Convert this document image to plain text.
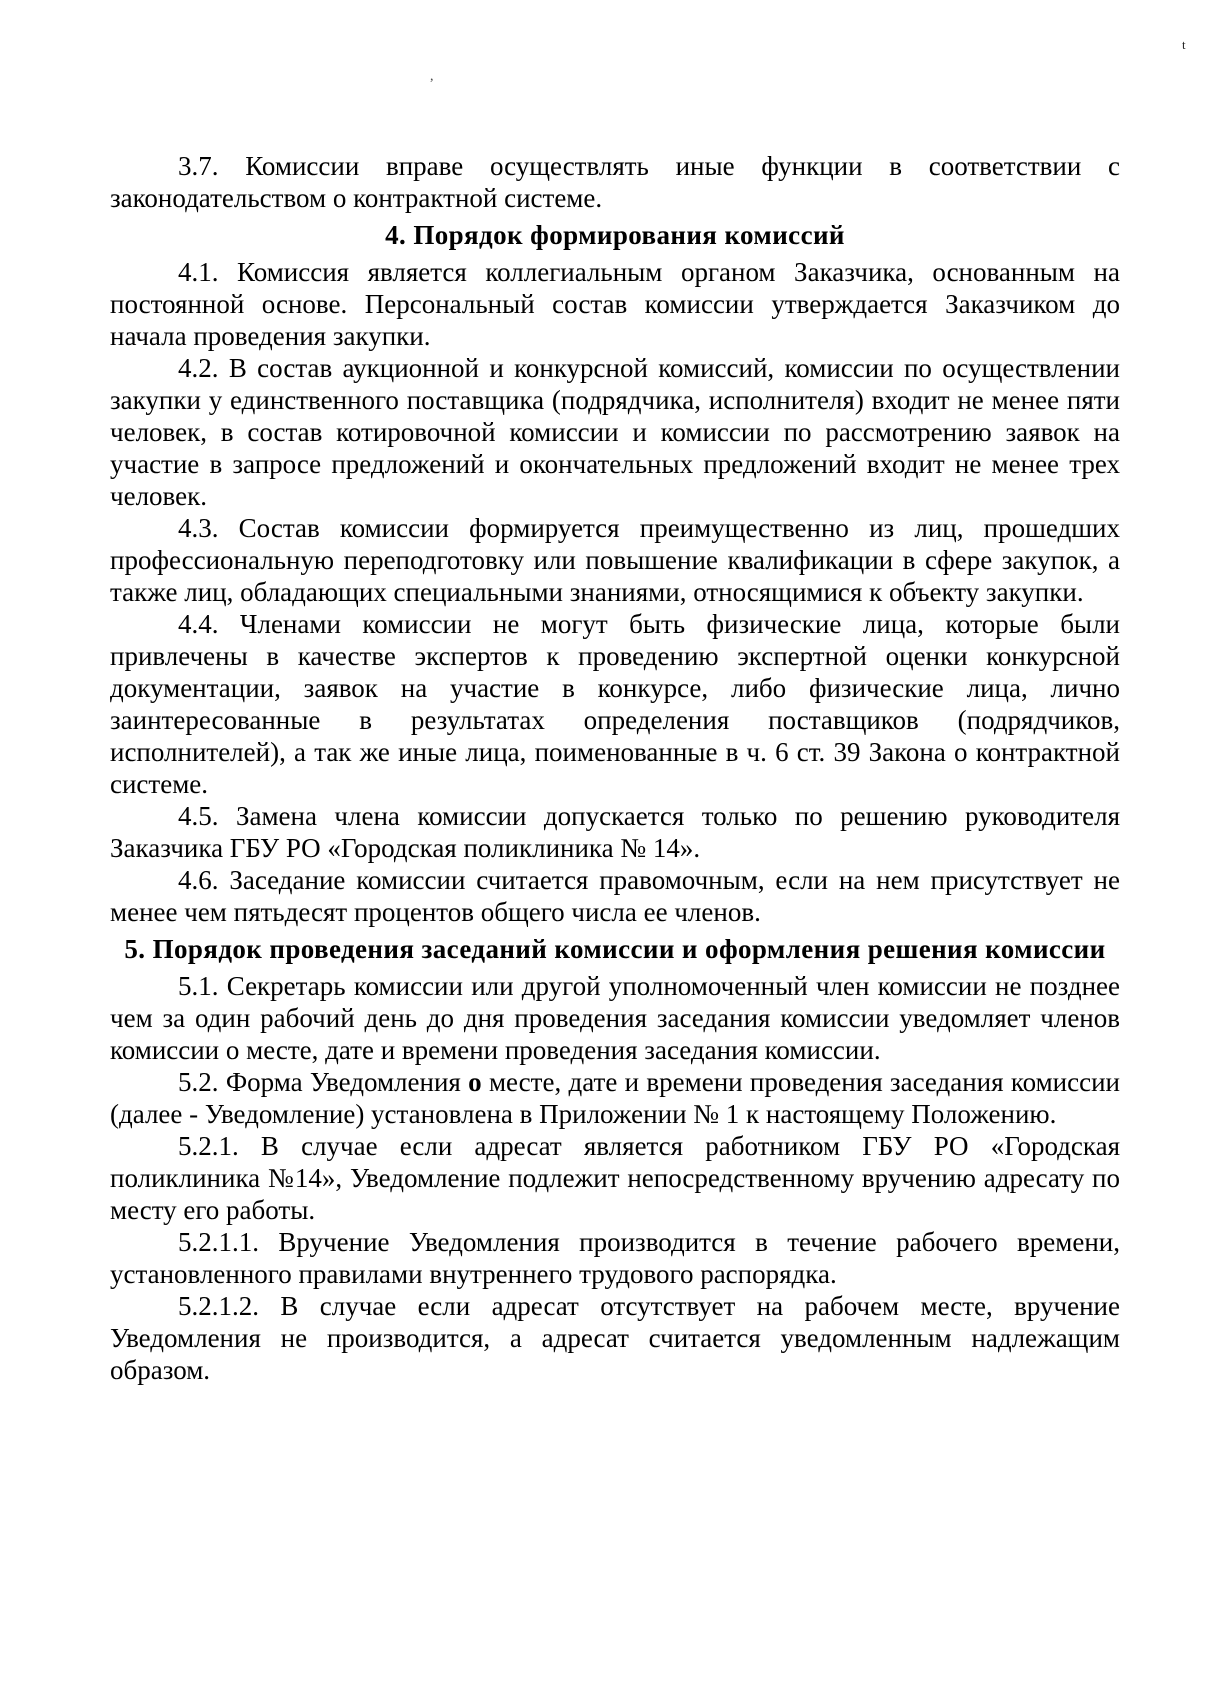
,
t

3.7. Комиссии вправе осуществлять иные функции в соответствии с законодательством о контрактной системе.

4. Порядок формирования комиссий

4.1. Комиссия является коллегиальным органом Заказчика, основанным на постоянной основе. Персональный состав комиссии утверждается Заказчиком до начала проведения закупки.

4.2. В состав аукционной и конкурсной комиссий, комиссии по осуществлении закупки у единственного поставщика (подрядчика, исполнителя) входит не менее пяти человек, в состав котировочной комиссии и комиссии по рассмотрению заявок на участие в запросе предложений и окончательных предложений входит не менее трех человек.

4.3. Состав комиссии формируется преимущественно из лиц, прошедших профессиональную переподготовку или повышение квалификации в сфере закупок, а также лиц, обладающих специальными знаниями, относящимися к объекту закупки.

4.4. Членами комиссии не могут быть физические лица, которые были привлечены в качестве экспертов к проведению экспертной оценки конкурсной документации, заявок на участие в конкурсе, либо физические лица, лично заинтересованные в результатах определения поставщиков (подрядчиков, исполнителей), а так же иные лица, поименованные в ч. 6 ст. 39 Закона о контрактной системе.

4.5. Замена члена комиссии допускается только по решению руководителя Заказчика ГБУ РО «Городская поликлиника № 14».

4.6. Заседание комиссии считается правомочным, если на нем присутствует не менее чем пятьдесят процентов общего числа ее членов.

5. Порядок проведения заседаний комиссии и оформления решения комиссии

5.1. Секретарь комиссии или другой уполномоченный член комиссии не позднее чем за один рабочий день до дня проведения заседания комиссии уведомляет членов комиссии о месте, дате и времени проведения заседания комиссии.

5.2. Форма Уведомления о месте, дате и времени проведения заседания комиссии (далее - Уведомление) установлена в Приложении № 1 к настоящему Положению.

5.2.1. В случае если адресат является работником ГБУ РО «Городская поликлиника №14», Уведомление подлежит непосредственному вручению адресату по месту его работы.

5.2.1.1. Вручение Уведомления производится в течение рабочего времени, установленного правилами внутреннего трудового распорядка.

5.2.1.2. В случае если адресат отсутствует на рабочем месте, вручение Уведомления не производится, а адресат считается уведомленным надлежащим образом.
